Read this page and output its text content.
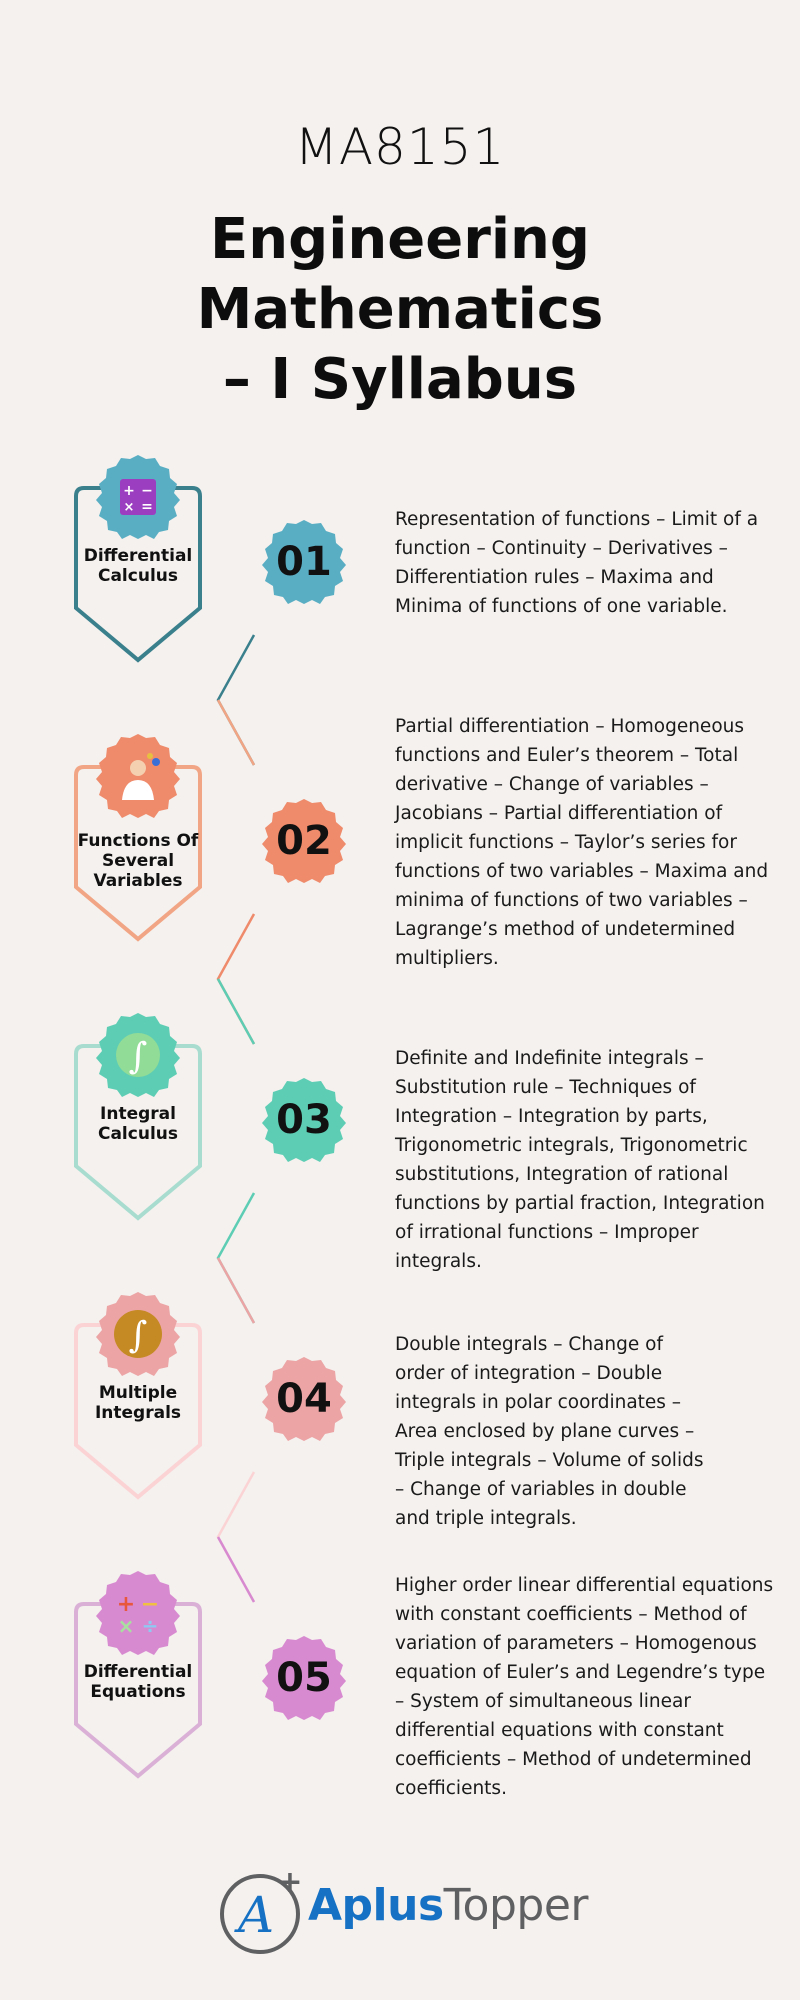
MA8151
Engineering Mathematics
– I Syllabus
Differential
Calculus
+ −
× =
01
Representation of functions – Limit of a function – Continuity – Derivatives – Differentiation rules – Maxima and Minima of functions of one variable.
Functions Of
Several
Variables
02
Partial differentiation – Homogeneous functions and Euler’s theorem – Total derivative – Change of variables – Jacobians – Partial differentiation of implicit functions – Taylor’s series for functions of two variables – Maxima and minima of functions of two variables – Lagrange’s method of undetermined multipliers.
Integral
Calculus
∫
03
Definite and Indefinite integrals – Substitution rule – Techniques of Integration – Integration by parts, Trigonometric integrals, Trigonometric substitutions, Integration of rational functions by partial fraction, Integration of irrational functions – Improper integrals.
Multiple
Integrals
∫
04
Double integrals – Change of order of integration – Double integrals in polar coordinates – Area enclosed by plane curves – Triple integrals – Volume of solids – Change of variables in double and triple integrals.
Differential
Equations
+ −
× ÷
05
Higher order linear differential equations with constant coefficients – Method of variation of parameters – Homogenous equation of Euler’s and Legendre’s type – System of simultaneous linear differential equations with constant coefficients – Method of undetermined coefficients.
A
+ AplusTopper
